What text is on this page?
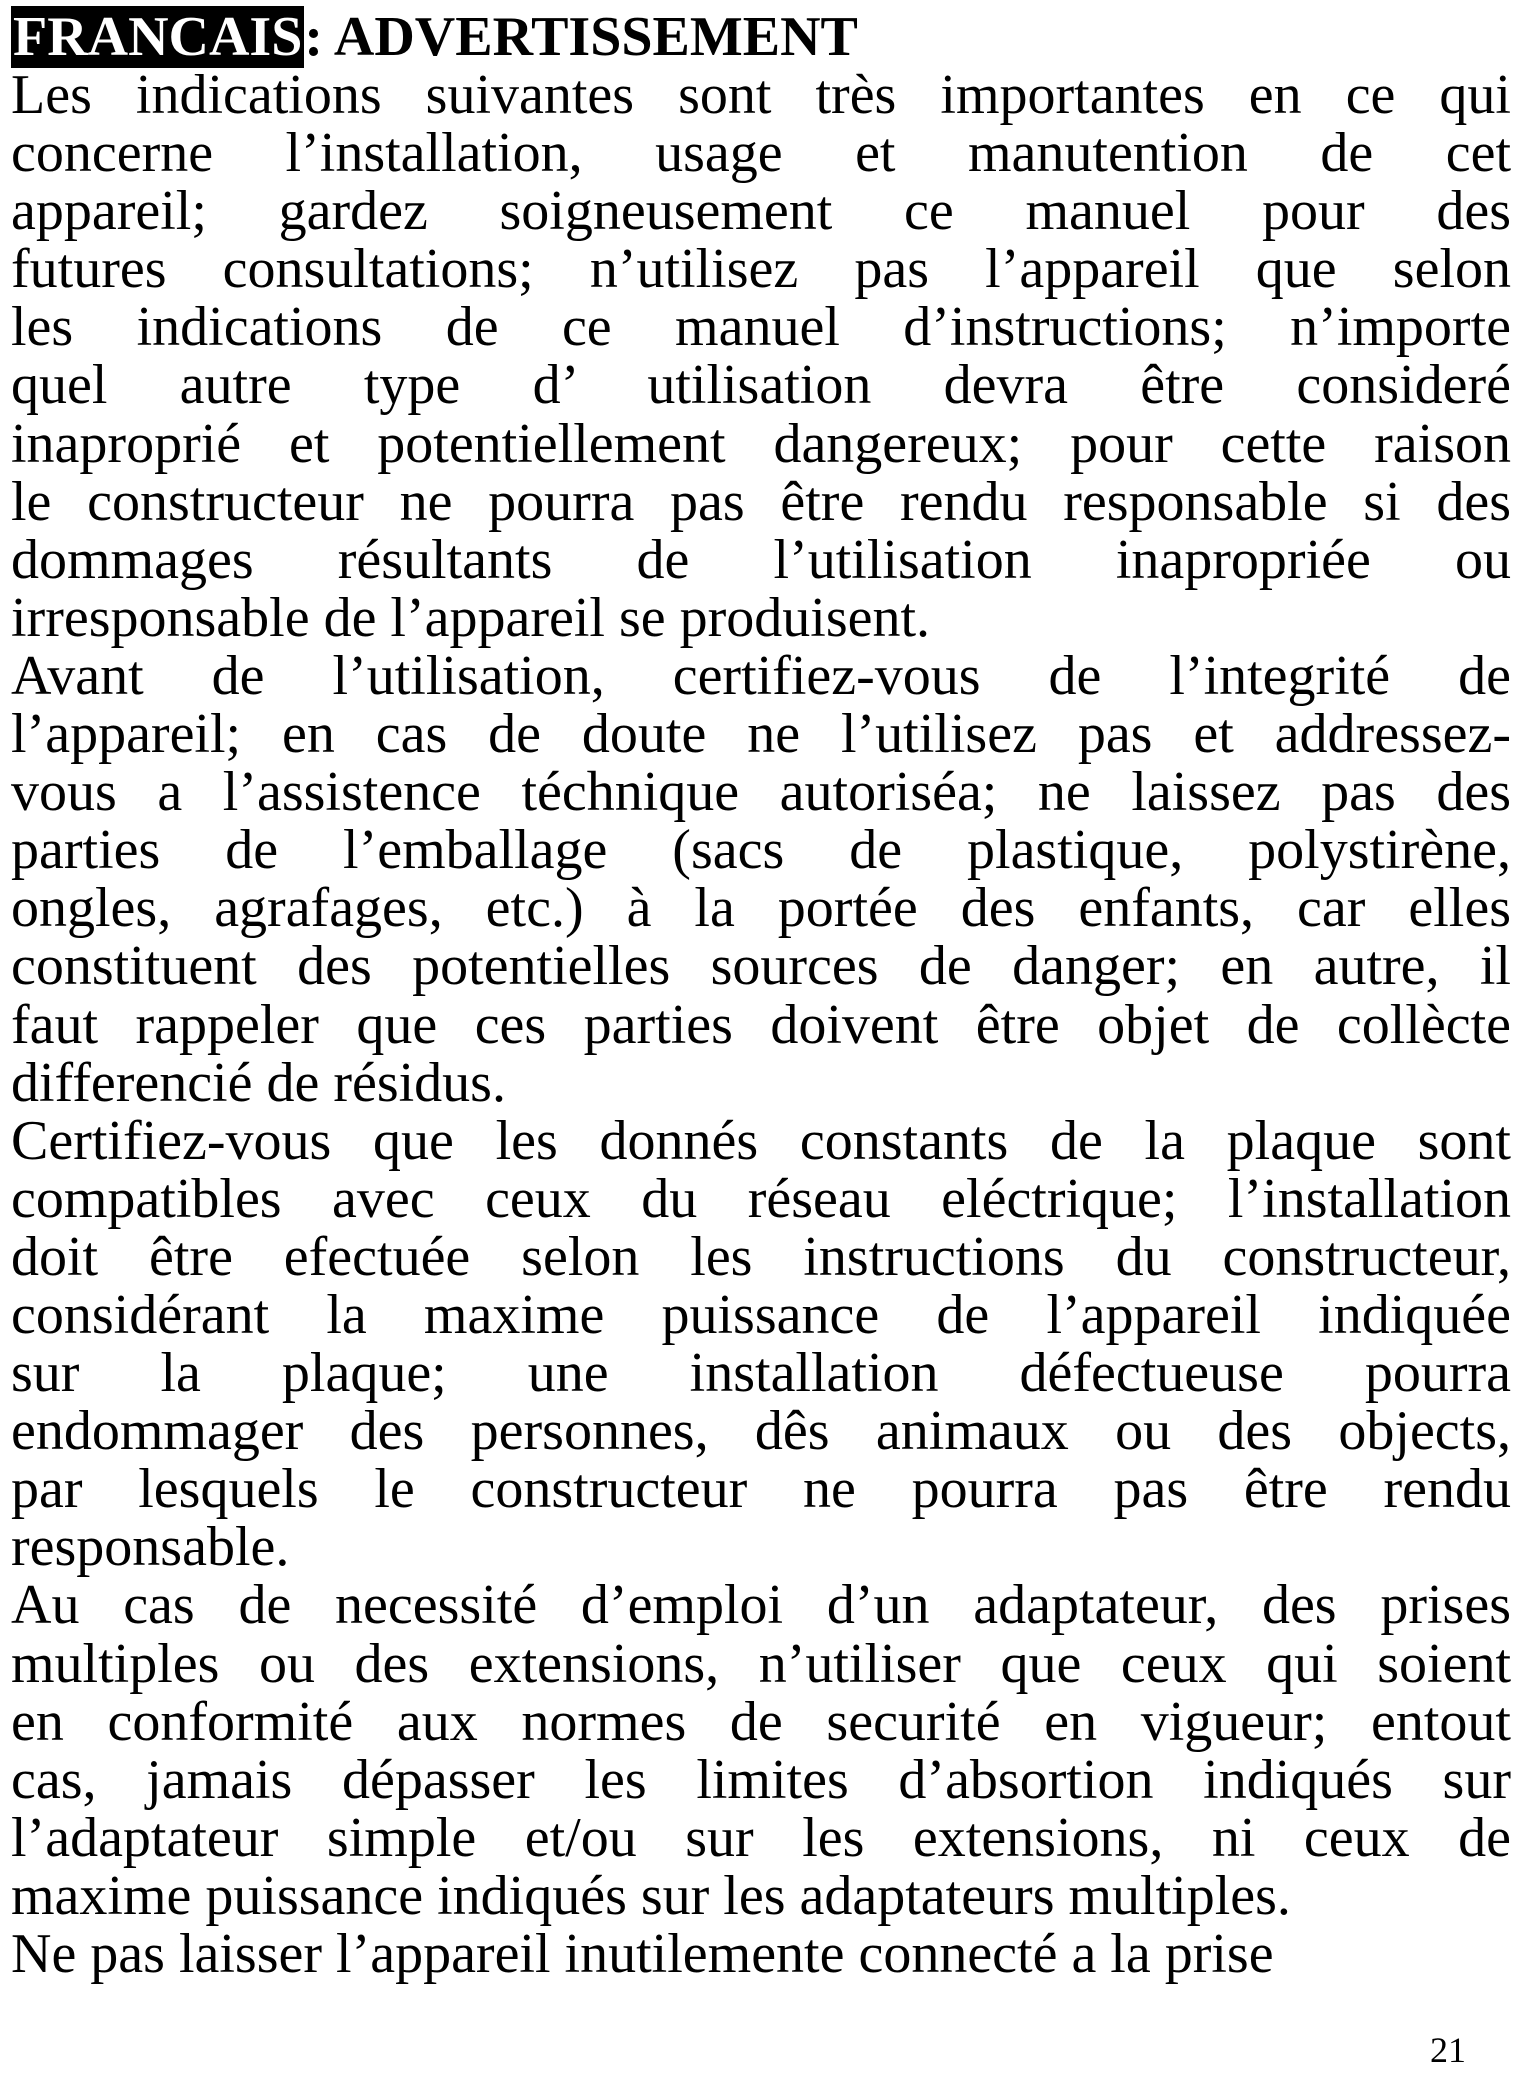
FRANCAIS: ADVERTISSEMENT

Les indications suivantes sont très importantes en ce qui
concerne l’installation, usage et manutention de cet
appareil; gardez soigneusement ce manuel pour des
futures consultations; n’utilisez pas l’appareil que selon
les indications de ce manuel d’instructions; n’importe
quel autre type d’ utilisation devra être consideré
inaproprié et potentiellement dangereux; pour cette raison
le constructeur ne pourra pas être rendu responsable si des
dommages résultants de l’utilisation inapropriée ou
irresponsable de l’appareil se produisent.

Avant de l’utilisation, certifiez-vous de l’integrité de
l’appareil; en cas de doute ne l’utilisez pas et addressez-
vous a l’assistence téchnique autoriséa; ne laissez pas des
parties de l’emballage (sacs de plastique, polystirène,
ongles, agrafages, etc.) à la portée des enfants, car elles
constituent des potentielles sources de danger; en autre, il
faut rappeler que ces parties doivent être objet de collècte
differencié de résidus.

Certifiez-vous que les donnés constants de la plaque sont
compatibles avec ceux du réseau eléctrique; l’installation
doit être efectuée selon les instructions du constructeur,
considérant la maxime puissance de l’appareil indiquée
sur la plaque; une installation défectueuse pourra
endommager des personnes, dês animaux ou des objects,
par lesquels le constructeur ne pourra pas être rendu
responsable.

Au cas de necessité d’emploi d’un adaptateur, des prises
multiples ou des extensions, n’utiliser que ceux qui soient
en conformité aux normes de securité en vigueur; entout
cas, jamais dépasser les limites d’absortion indiqués sur
l’adaptateur simple et/ou sur les extensions, ni ceux de
maxime puissance indiqués sur les adaptateurs multiples.

Ne pas laisser l’appareil inutilemente connecté a la prise

21
